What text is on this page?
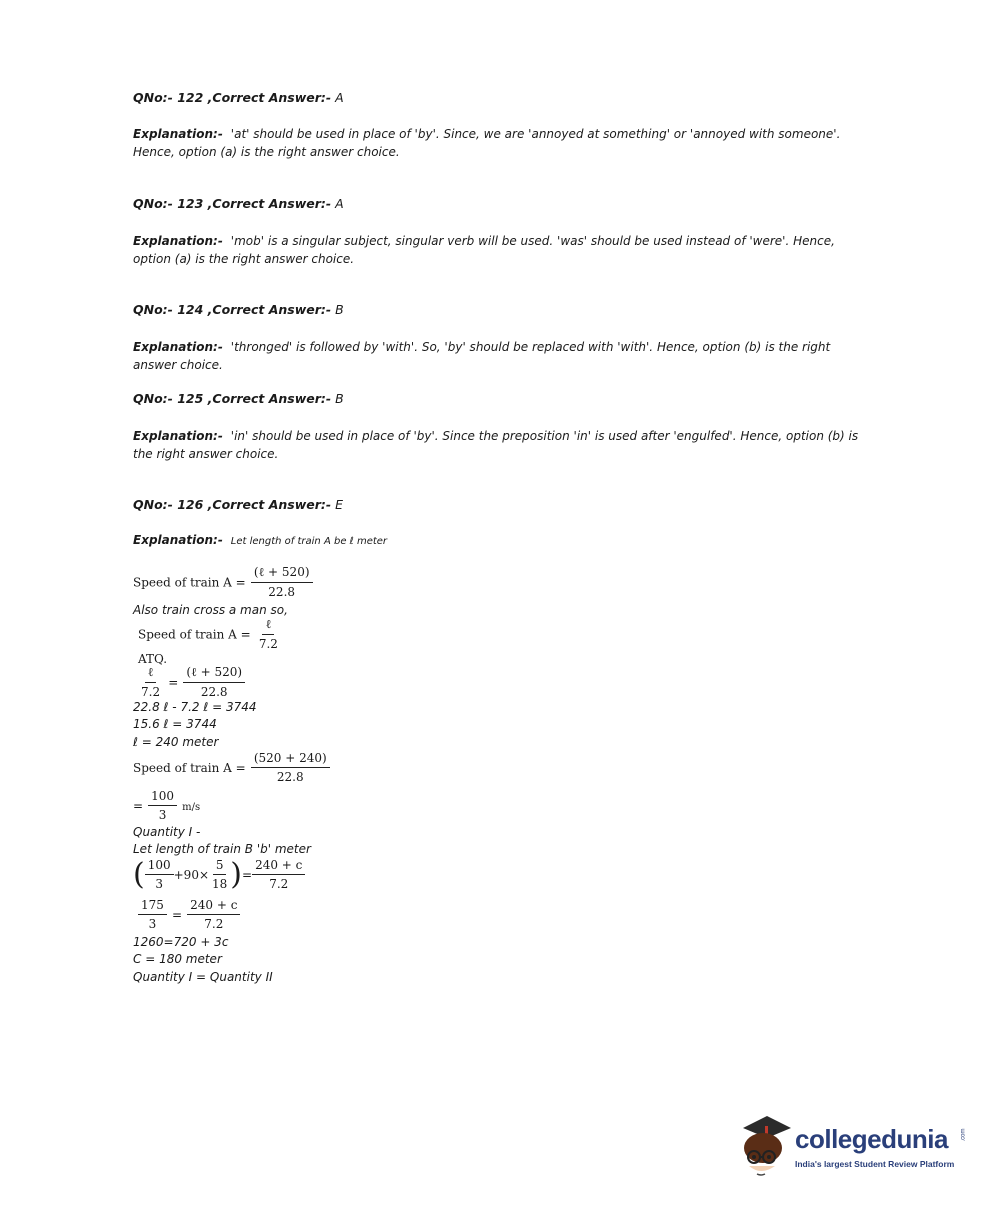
QNo:- 122 ,Correct Answer:- A
Explanation:- 'at' should be used in place of 'by'. Since, we are 'annoyed at something' or 'annoyed with someone'. Hence, option (a) is the right answer choice.
QNo:- 123 ,Correct Answer:- A
Explanation:- 'mob' is a singular subject, singular verb will be used. 'was' should be used instead of 'were'. Hence, option (a) is the right answer choice.
QNo:- 124 ,Correct Answer:- B
Explanation:- 'thronged' is followed by 'with'. So, 'by' should be replaced with 'with'. Hence, option (b) is the right answer choice.
QNo:- 125 ,Correct Answer:- B
Explanation:- 'in' should be used in place of 'by'. Since the preposition 'in' is used after 'engulfed'. Hence, option (b) is the right answer choice.
QNo:- 126 ,Correct Answer:- E
Explanation:- Let length of train A be ℓ meter
Speed of train $A = \frac{\text{(ℓ + 520)}}{22.8}$
Also train cross a man so,
Speed of train $A = \frac{\text{ℓ}}{7.2}$
ATQ.
$\frac{\text{ℓ}}{7.2} = \frac{\text{(ℓ + 520)}}{22.8}$
22.8 ℓ - 7.2 ℓ = 3744
15.6 ℓ = 3744
ℓ = 240 meter
Speed of train $A = \frac{(520 + 240)}{22.8}$
= $\frac{100}{3} m/s$
Quantity I -
Let length of train B 'b' meter
( $\frac{100}{3} +90\times \frac{5}{18}$ ) = $\frac{240 + c}{7.2}$
$\frac{175}{3} = \frac{240 + c}{7.2}$
1260=720 + 3c
C = 180 meter
Quantity I = Quantity II
collegedunia .com
India's largest Student Review Platform
